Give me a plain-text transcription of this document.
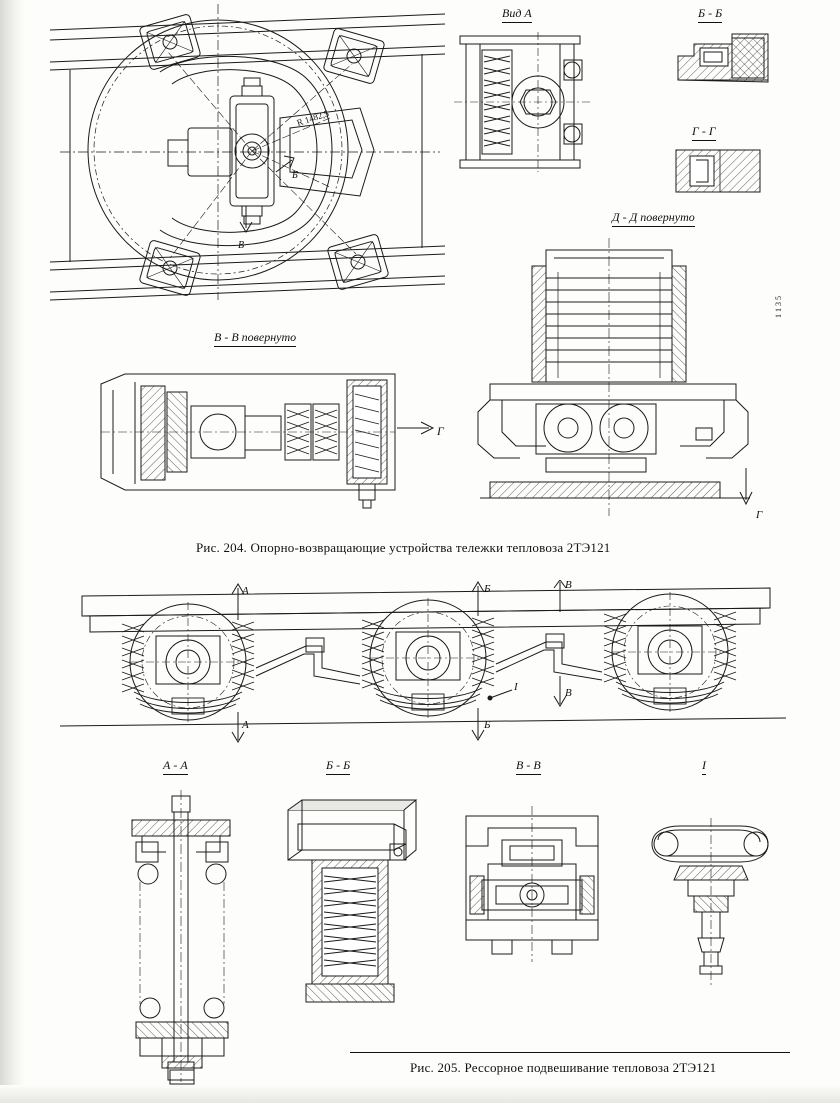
R 1482,5
Б
В
Вид А	Б - Б
Г - Г
Д - Д повернуто
Г
1 1 3 5
В - В повернуто
Г
Рис. 204. Опорно-возвращающие устройства тележки тепловоза 2ТЭ121
А
А
Б
Б
В
В
I
А - А	Б - Б	В - В	I
Рис. 205. Рессорное подвешивание тепловоза 2ТЭ121
